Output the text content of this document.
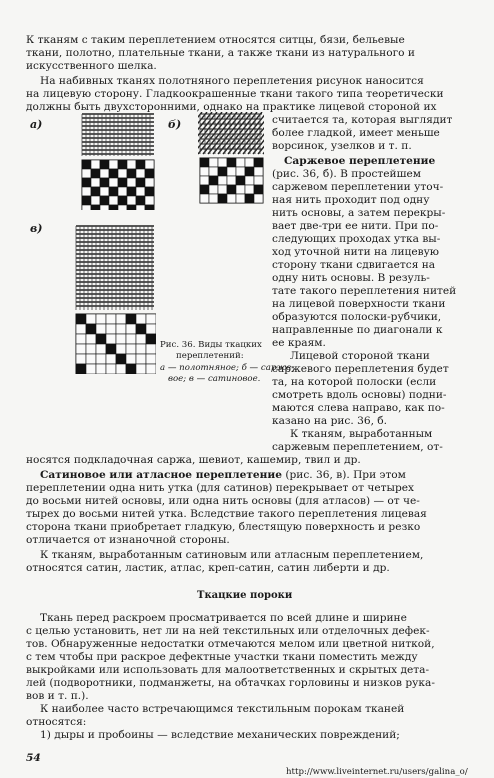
К тканям с таким переплетением относятся ситцы, бязи, бельевые
ткани, полотно, плательные ткани, а также ткани из натурального и
искусственного шелка.
На набивных тканях полотняного переплетения рисунок наносится
на лицевую сторону. Гладкоокрашенные ткани такого типа теоретически
должны быть двухсторонними, однако на практике лицевой стороной их
считается та, которая выглядит
более гладкой, имеет меньше
ворсинок, узелков и т. п.
Саржевое переплетение
(рис. 36, б). В простейшем
саржевом переплетении уточ-
ная нить проходит под одну
нить основы, а затем перекры-
вает две-три ее нити. При по-
следующих проходах утка вы-
ход уточной нити на лицевую
сторону ткани сдвигается на
одну нить основы. В резуль-
тате такого переплетения нитей
на лицевой поверхности ткани
образуются полоски-рубчики,
направленные по диагонали к
ее краям.
Лицевой стороной ткани
саржевого переплетения будет
та, на которой полоски (если
смотреть вдоль основы) подни-
маются слева направо, как по-
казано на рис. 36, б.
К тканям, выработанным
саржевым переплетением, от-
носятся подкладочная саржа, шевиот, кашемир, твил и др.
Сатиновое или атласное переплетение (рис. 36, в). При этом
переплетении одна нить утка (для сатинов) перекрывает от четырех
до восьми нитей основы, или одна нить основы (для атласов) — от че-
тырех до восьми нитей утка. Вследствие такого переплетения лицевая
сторона ткани приобретает гладкую, блестящую поверхность и резко
отличается от изнаночной стороны.
К тканям, выработанным сатиновым или атласным переплетением,
относятся сатин, ластик, атлас, креп-сатин, сатин либерти и др.
Ткацкие пороки
Ткань перед раскроем просматривается по всей длине и ширине
с целью установить, нет ли на ней текстильных или отделочных дефек-
тов. Обнаруженные недостатки отмечаются мелом или цветной ниткой,
с тем чтобы при раскрое дефектные участки ткани поместить между
выкройками или использовать для малоответственных и скрытых дета-
лей (подворотники, подманжеты, на обтачках горловины и низков рука-
вов и т. п.).
К наиболее часто встречающимся текстильным порокам тканей
относятся:
1) дыры и пробоины — вследствие механических повреждений;
54
http://www.liveinternet.ru/users/galina_o/
а)	б)
в)
Рис. 36. Виды ткацких
переплетений:
а — полотняное; б — сарже-
вое; в — сатиновое.
